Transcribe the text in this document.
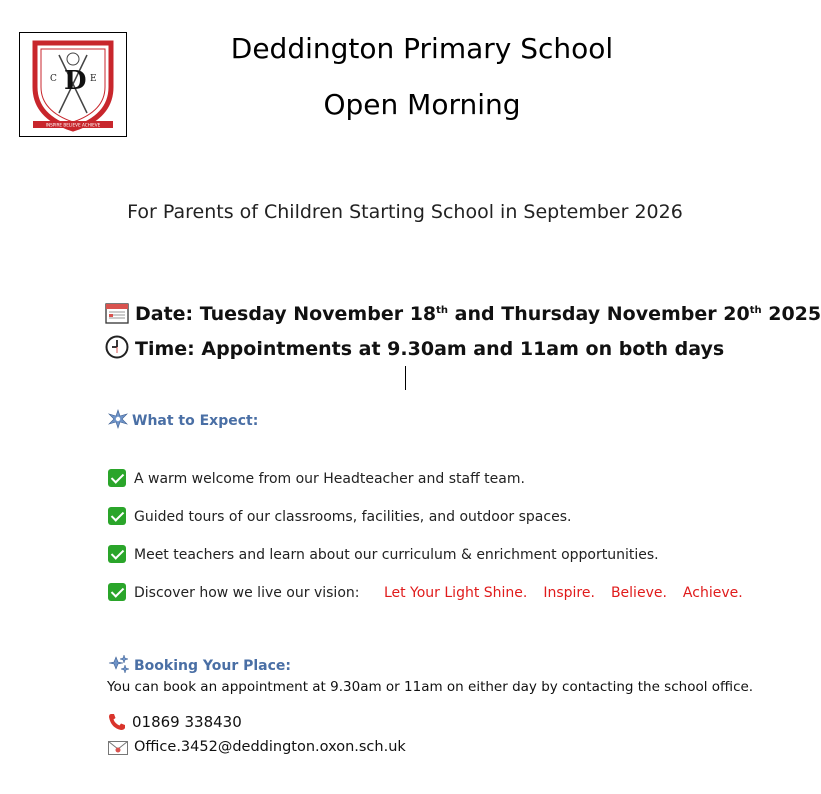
C D E
INSPIRE BELIEVE ACHIEVE
Deddington Primary School
Open Morning
For Parents of Children Starting School in September 2026
Date: Tuesday November 18th and Thursday November 20th 2025
Time: Appointments at 9.30am and 11am on both days
What to Expect:
A warm welcome from our Headteacher and staff team.
Guided tours of our classrooms, facilities, and outdoor spaces.
Meet teachers and learn about our curriculum & enrichment opportunities.
Discover how we live our vision: Let Your Light Shine. Inspire. Believe. Achieve.
Booking Your Place:
You can book an appointment at 9.30am or 11am on either day by contacting the school office.
01869 338430
Office.3452@deddington.oxon.sch.uk
